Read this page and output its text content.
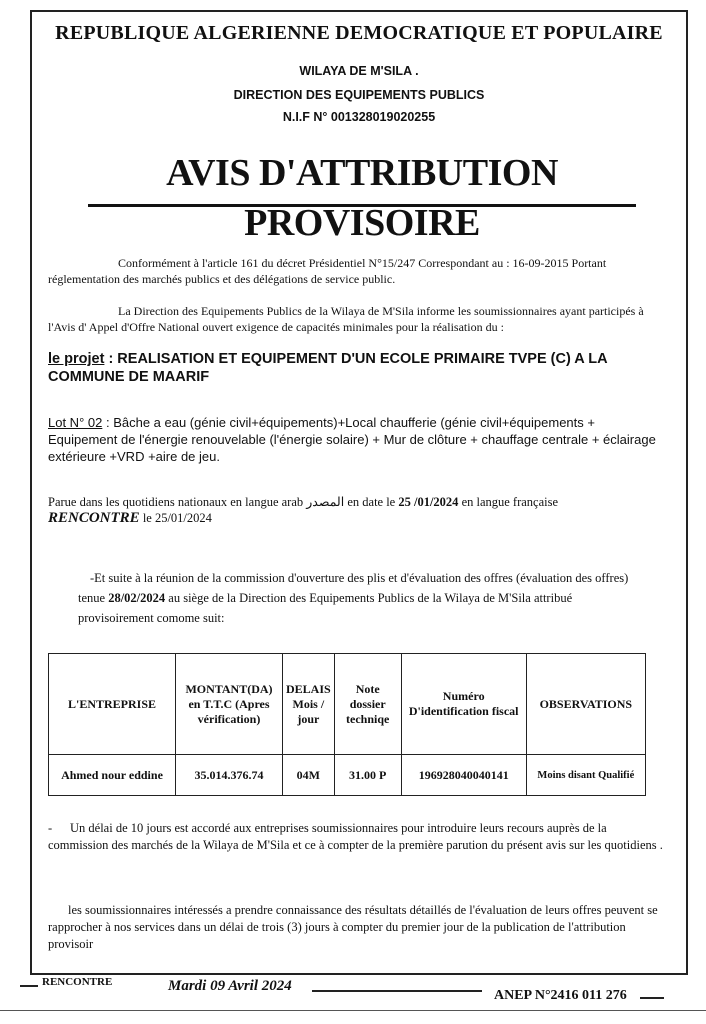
REPUBLIQUE ALGERIENNE DEMOCRATIQUE ET POPULAIRE
WILAYA DE M'SILA .
DIRECTION DES EQUIPEMENTS PUBLICS
N.I.F N° 001328019020255
AVIS D'ATTRIBUTION PROVISOIRE
Conformément à l'article 161 du décret Présidentiel N°15/247 Correspondant au : 16-09-2015 Portant réglementation des marchés publics et des délégations de service public.
La Direction des Equipements Publics de la Wilaya de M'Sila informe les soumissionnaires ayant participés à l'Avis d' Appel d'Offre National ouvert exigence de capacités minimales pour la réalisation du :
le projet : REALISATION ET EQUIPEMENT D'UN ECOLE PRIMAIRE TVPE (C) A LA COMMUNE DE MAARIF
Lot N° 02 : Bâche a eau (génie civil+équipements)+Local chaufferie (génie civil+équipements + Equipement de l'énergie renouvelable (l'énergie solaire) + Mur de clôture + chauffage centrale + éclairage extérieure +VRD +aire de jeu.
Parue dans les quotidiens nationaux en langue arab المصدر en date le 25 /01/2024 en langue française
RENCONTRE le 25/01/2024
-Et suite à la réunion de la commission d'ouverture des plis et d'évaluation des offres (évaluation des offres)
tenue 28/02/2024 au siège de la Direction des Equipements Publics de la Wilaya de M'Sila attribué
provisoirement comome suit:
L'ENTREPRISE	MONTANT(DA) en T.T.C (Apres vérification)	DELAIS Mois / jour	Note dossier techniqe	Numéro D'identification fiscal	OBSERVATIONS
Ahmed nour eddine	35.014.376.74	04M	31.00 P	196928040040141	Moins disant Qualifié
- Un délai de 10 jours est accordé aux entreprises soumissionnaires pour introduire leurs recours auprès de la commission des marchés de la Wilaya de M'Sila et ce à compter de la première parution du présent avis sur les quotidiens .
les soumissionnaires intéressés a prendre connaissance des résultats détaillés de l'évaluation de leurs offres peuvent se rapprocher à nos services dans un délai de trois (3) jours à compter du premier jour de la publication de l'attribution provisoir
RENCONTRE	Mardi 09 Avril 2024
ANEP N°2416 011 276
